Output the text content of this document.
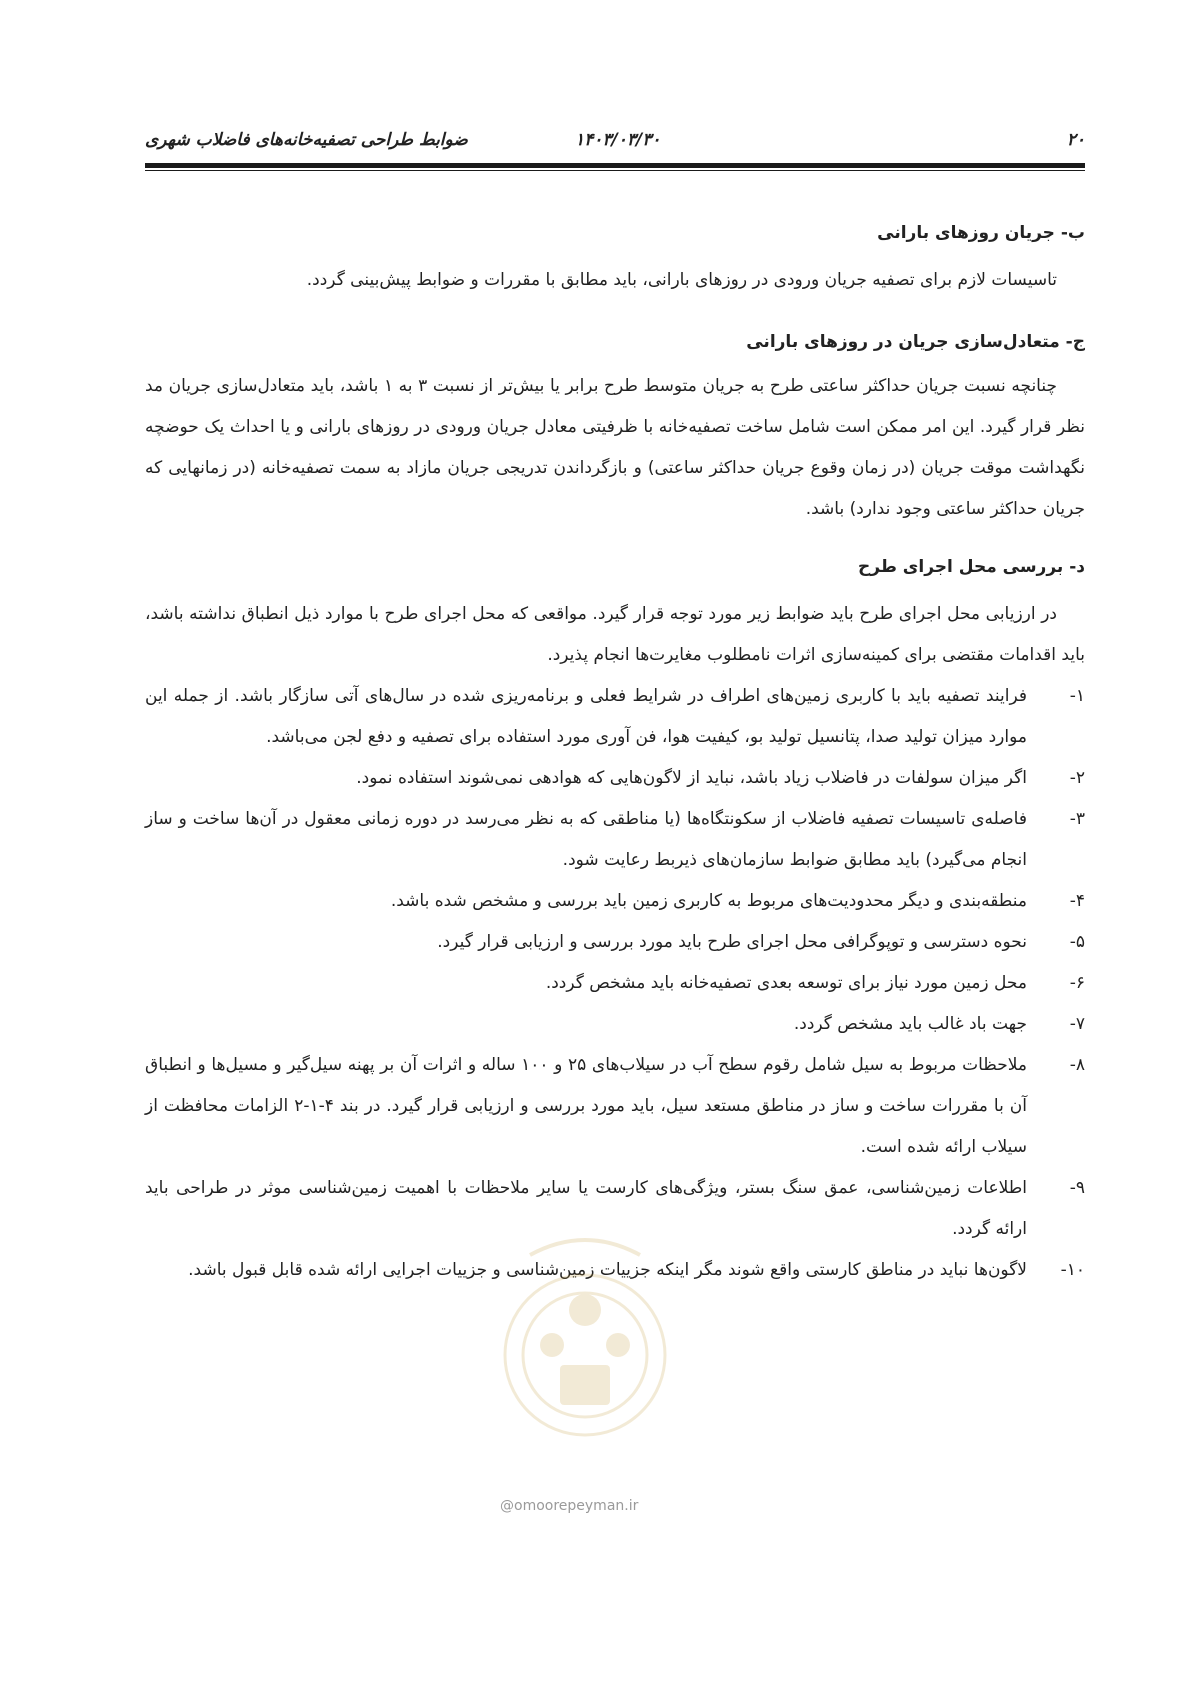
۲۰
۱۴۰۳/۰۳/۳۰
ضوابط طراحی تصفیه‌خانه‌های فاضلاب شهری

ب- جریان روزهای بارانی

تاسیسات لازم برای تصفیه جریان ورودی در روزهای بارانی، باید مطابق با مقررات و ضوابط پیش‌بینی گردد.

ج- متعادل‌سازی جریان در روزهای بارانی

چنانچه نسبت جریان حداکثر ساعتی طرح به جریان متوسط طرح برابر یا بیش‌تر از نسبت ۳ به ۱ باشد، باید متعادل‌سازی جریان مد نظر قرار گیرد. این امر ممکن است شامل ساخت تصفیه‌خانه با ظرفیتی معادل جریان ورودی در روزهای بارانی و یا احداث یک حوضچه نگهداشت موقت جریان (در زمان وقوع جریان حداکثر ساعتی) و بازگرداندن تدریجی جریان مازاد به سمت تصفیه‌خانه (در زمانهایی که جریان حداکثر ساعتی وجود ندارد) باشد.

د- بررسی محل اجرای طرح

در ارزیابی محل اجرای طرح باید ضوابط زیر مورد توجه قرار گیرد. مواقعی که محل اجرای طرح با موارد ذیل انطباق نداشته باشد، باید اقدامات مقتضی برای کمینه‌سازی اثرات نامطلوب مغایرت‌ها انجام پذیرد.

۱-
فرایند تصفیه باید با کاربری زمین‌های اطراف در شرایط فعلی و برنامه‌ریزی شده در سال‌های آتی سازگار باشد. از جمله این موارد میزان تولید صدا، پتانسیل تولید بو، کیفیت هوا، فن آوری مورد استفاده برای تصفیه و دفع لجن می‌باشد.
۲-
اگر میزان سولفات در فاضلاب زیاد باشد، نباید از لاگون‌هایی که هوادهی نمی‌شوند استفاده نمود.
۳-
فاصله‌ی تاسیسات تصفیه فاضلاب از سکونتگاه‌ها (یا مناطقی که به نظر می‌رسد در دوره زمانی معقول در آن‌ها ساخت و ساز انجام می‌گیرد) باید مطابق ضوابط سازمان‌های ذیربط رعایت شود.
۴-
منطقه‌بندی و دیگر محدودیت‌های مربوط به کاربری زمین باید بررسی و مشخص شده باشد.
۵-
نحوه دسترسی و توپوگرافی محل اجرای طرح باید مورد بررسی و ارزیابی قرار گیرد.
۶-
محل زمین مورد نیاز برای توسعه بعدی تصفیه‌خانه باید مشخص گردد.
۷-
جهت باد غالب باید مشخص گردد.
۸-
ملاحظات مربوط به سیل شامل رقوم سطح آب در سیلاب‌های ۲۵ و ۱۰۰ ساله و اثرات آن بر پهنه سیل‌گیر و مسیل‌ها و انطباق آن با مقررات ساخت و ساز در مناطق مستعد سیل، باید مورد بررسی و ارزیابی قرار گیرد. در بند ۴-۱-۲ الزامات محافظت از سیلاب ارائه شده است.
۹-
اطلاعات زمین‌شناسی، عمق سنگ بستر، ویژگی‌های کارست یا سایر ملاحظات با اهمیت زمین‌شناسی موثر در طراحی باید ارائه گردد.
۱۰-
لاگون‌ها نباید در مناطق کارستی واقع شوند مگر اینکه جزییات زمین‌شناسی و جزییات اجرایی ارائه شده قابل قبول باشد.
@omoorepeyman.ir
